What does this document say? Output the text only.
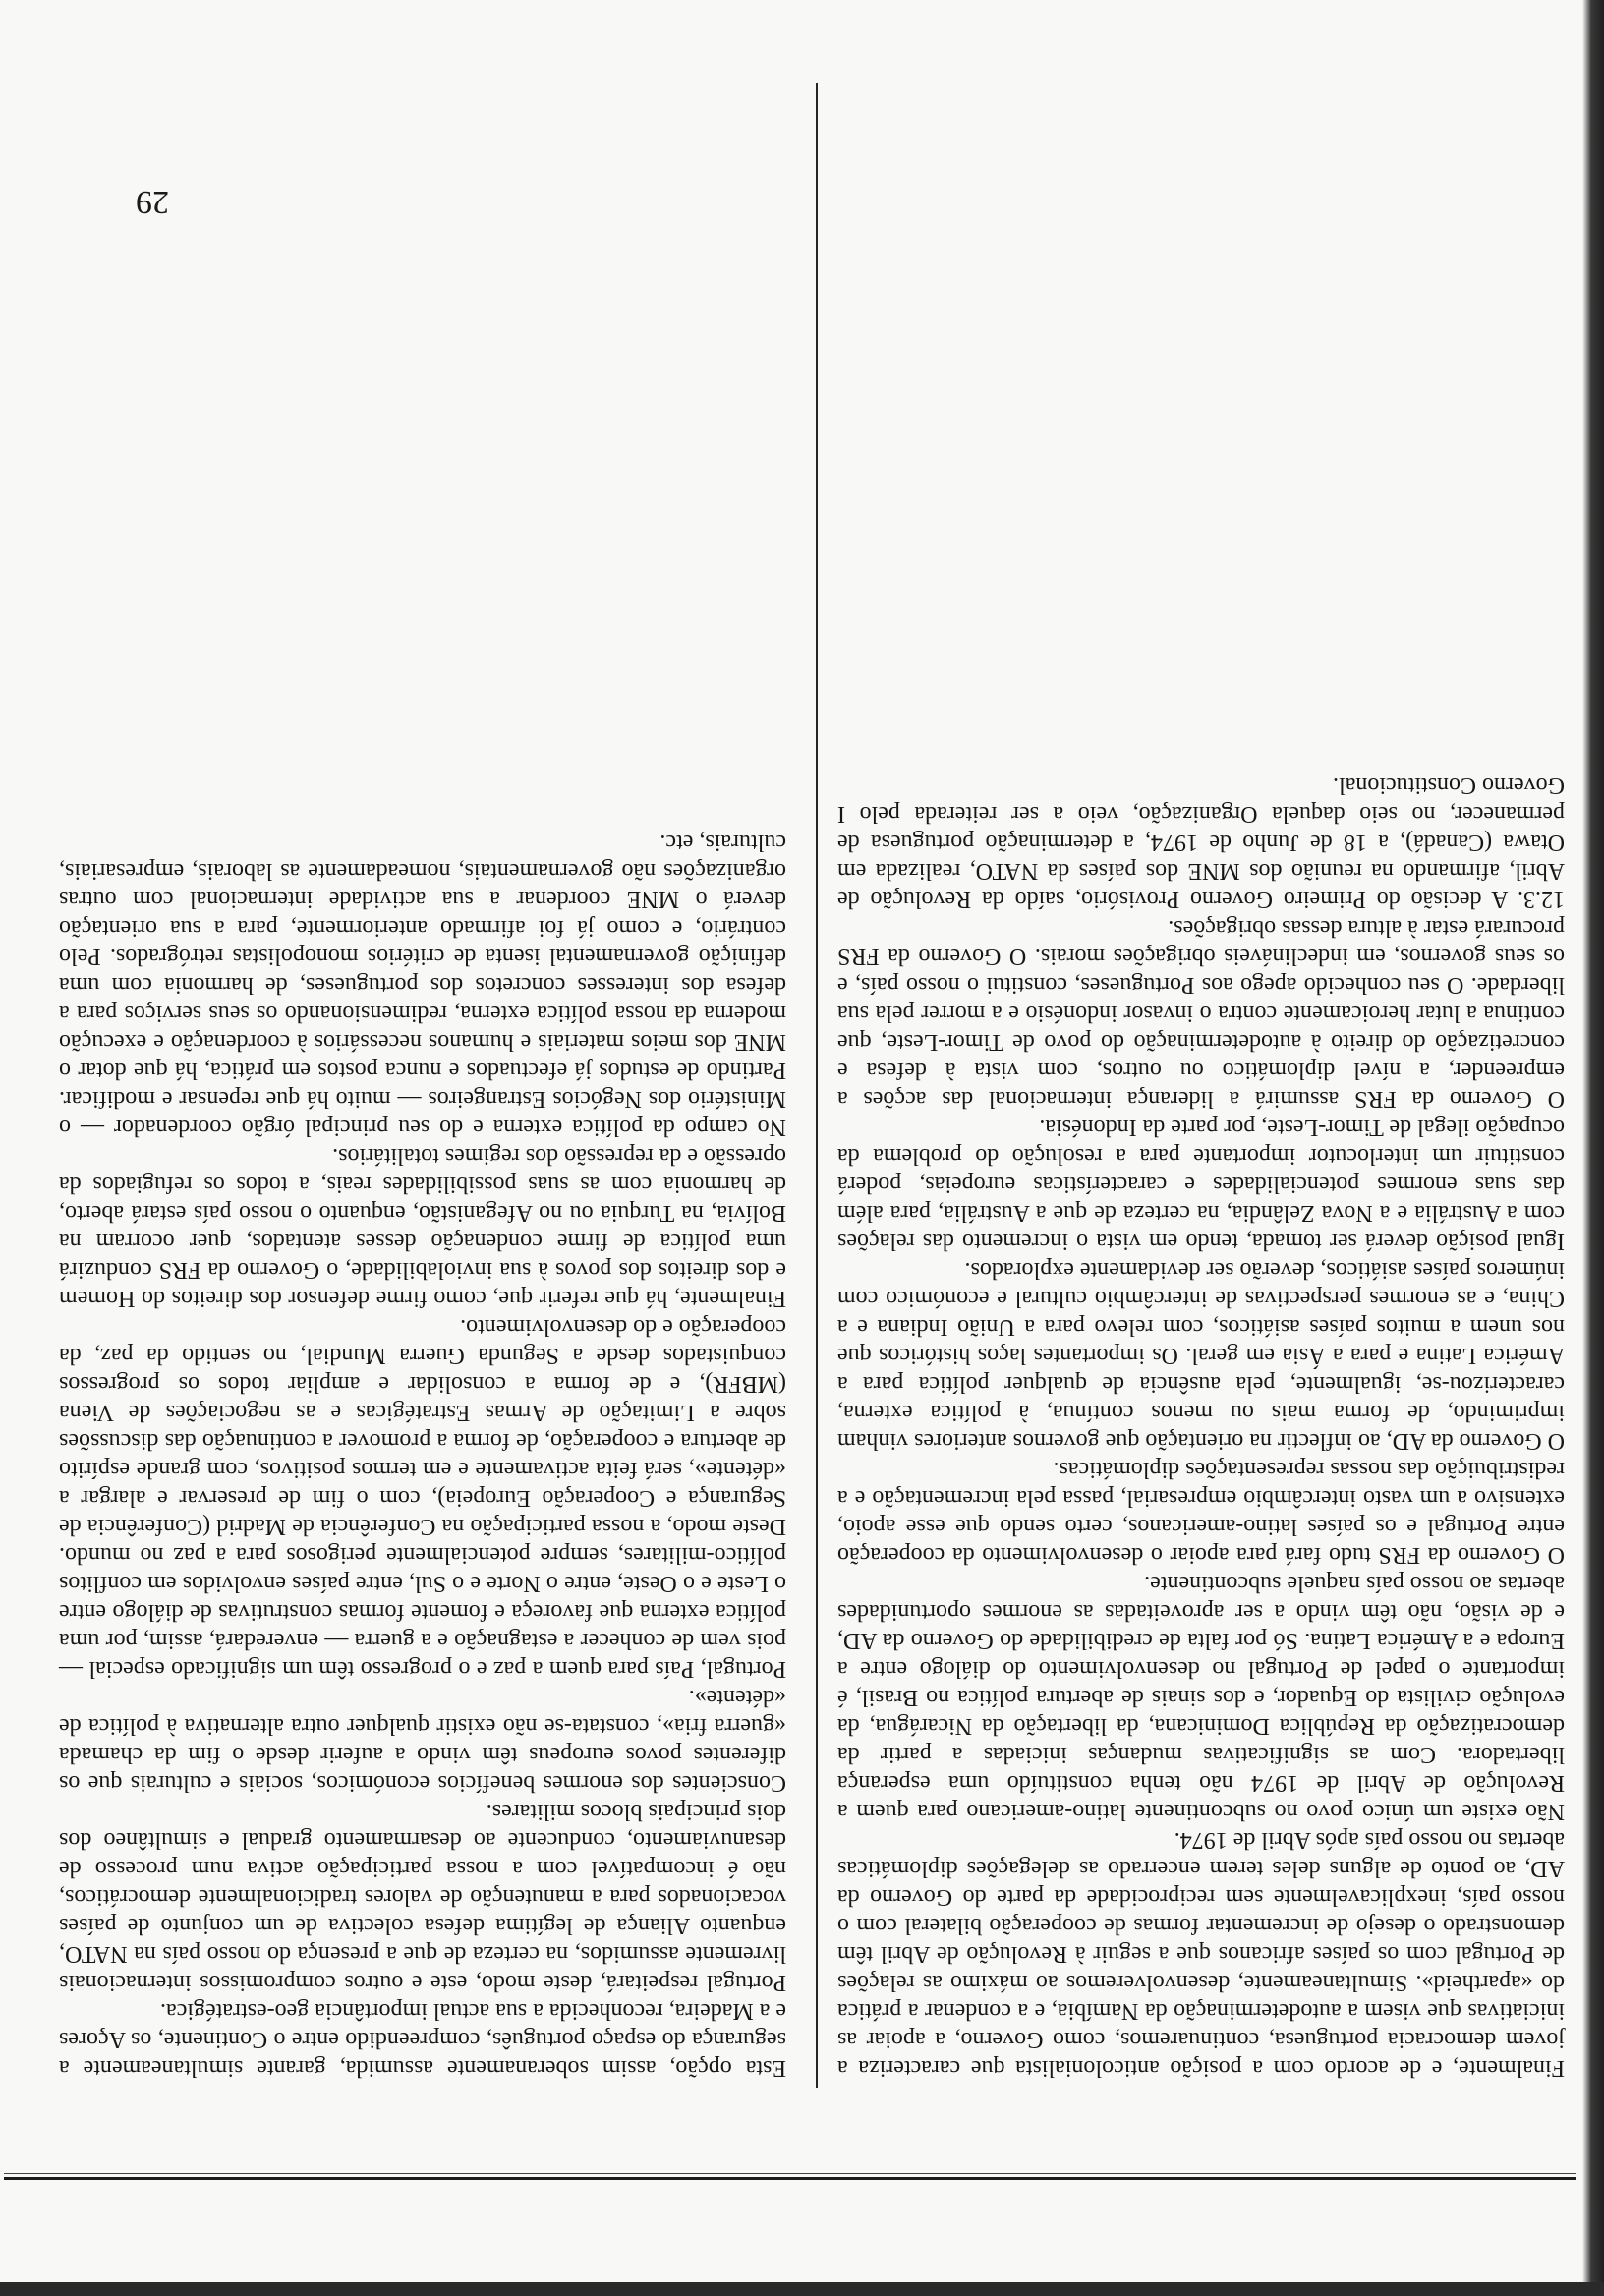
Finalmente, e de acordo com a posição anticolonialista que caracteriza a jovem democracia portuguesa, continuaremos, como Governo, a apoiar as iniciativas que visem a autodeterminação da Namíbia, e a condenar a prática do «apartheid». Simultaneamente, desenvolveremos ao máximo as relações de Portugal com os países africanos que a seguir à Revolução de Abril têm demonstrado o desejo de incrementar formas de cooperação bilateral com o nosso país, inexplicavelmente sem reciprocidade da parte do Governo da AD, ao ponto de alguns deles terem encerrado as delegações diplomáticas abertas no nosso país após Abril de 1974.

Não existe um único povo no subcontinente latino-americano para quem a Revolução de Abril de 1974 não tenha constituído uma esperança libertadora. Com as significativas mudanças iniciadas a partir da democratização da República Dominicana, da libertação da Nicarágua, da evolução civilista do Equador, e dos sinais de abertura política no Brasil, é importante o papel de Portugal no desenvolvimento do diálogo entre a Europa e a América Latina. Só por falta de credibilidade do Governo da AD, e de visão, não têm vindo a ser aproveitadas as enormes oportunidades abertas ao nosso país naquele subcontinente.

O Governo da FRS tudo fará para apoiar o desenvolvimento da cooperação entre Portugal e os países latino-americanos, certo sendo que esse apoio, extensivo a um vasto intercâmbio empresarial, passa pela incrementação e a redistribuição das nossas representações diplomáticas.

O Governo da AD, ao inflectir na orientação que governos anteriores vinham imprimindo, de forma mais ou menos contínua, à política externa, caracterizou-se, igualmente, pela ausência de qualquer política para a América Latina e para a Ásia em geral. Os importantes laços históricos que nos unem a muitos países asiáticos, com relevo para a União Indiana e a China, e as enormes perspectivas de intercâmbio cultural e económico com inúmeros países asiáticos, deverão ser devidamente explorados.

Igual posição deverá ser tomada, tendo em vista o incremento das relações com a Austrália e a Nova Zelândia, na certeza de que a Austrália, para além das suas enormes potencialidades e características europeias, poderá constituir um interlocutor importante para a resolução do problema da ocupação ilegal de Timor-Leste, por parte da Indonésia.

O Governo da FRS assumirá a liderança internacional das acções a empreender, a nível diplomático ou outros, com vista à defesa e concretização do direito à autodeterminação do povo de Timor-Leste, que continua a lutar heroicamente contra o invasor indonésio e a morrer pela sua liberdade. O seu conhecido apego aos Portugueses, constitui o nosso país, e os seus governos, em indeclináveis obrigações morais. O Governo da FRS procurará estar à altura dessas obrigações.

12.3. A decisão do Primeiro Governo Provisório, saído da Revolução de Abril, afirmando na reunião dos MNE dos países da NATO, realizada em Otawa (Canadá), a 18 de Junho de 1974, a determinação portuguesa de permanecer, no seio daquela Organização, veio a ser reiterada pelo I Governo Constitucional.

Esta opção, assim soberanamente assumida, garante simultaneamente a segurança do espaço português, compreendido entre o Continente, os Açores e a Madeira, reconhecida a sua actual importância geo-estratégica.

Portugal respeitará, deste modo, este e outros compromissos internacionais livremente assumidos, na certeza de que a presença do nosso país na NATO, enquanto Aliança de legítima defesa colectiva de um conjunto de países vocacionados para a manutenção de valores tradicionalmente democráticos, não é incompatível com a nossa participação activa num processo de desanuviamento, conducente ao desarmamento gradual e simultâneo dos dois principais blocos militares.

Conscientes dos enormes benefícios económicos, sociais e culturais que os diferentes povos europeus têm vindo a auferir desde o fim da chamada «guerra fria», constata-se não existir qualquer outra alternativa à política de «détente».

Portugal, País para quem a paz e o progresso têm um significado especial — pois vem de conhecer a estagnação e a guerra — enveredará, assim, por uma política externa que favoreça e fomente formas construtivas de diálogo entre o Leste e o Oeste, entre o Norte e o Sul, entre países envolvidos em conflitos político-militares, sempre potencialmente perigosos para a paz no mundo. Deste modo, a nossa participação na Conferência de Madrid (Conferência de Segurança e Cooperação Europeia), com o fim de preservar e alargar a «détente», será feita activamente e em termos positivos, com grande espírito de abertura e cooperação, de forma a promover a continuação das discussões sobre a Limitação de Armas Estratégicas e as negociações de Viena (MBFR), e de forma a consolidar e ampliar todos os progressos conquistados desde a Segunda Guerra Mundial, no sentido da paz, da cooperação e do desenvolvimento.

Finalmente, há que referir que, como firme defensor dos direitos do Homem e dos direitos dos povos à sua inviolabilidade, o Governo da FRS conduzirá uma política de firme condenação desses atentados, quer ocorram na Bolívia, na Turquia ou no Afeganistão, enquanto o nosso país estará aberto, de harmonia com as suas possibilidades reais, a todos os refugiados da opressão e da repressão dos regimes totalitários.

No campo da política externa e do seu principal órgão coordenador — o Ministério dos Negócios Estrangeiros — muito há que repensar e modificar. Partindo de estudos já efectuados e nunca postos em prática, há que dotar o MNE dos meios materiais e humanos necessários à coordenação e execução moderna da nossa política externa, redimensionando os seus serviços para a defesa dos interesses concretos dos portugueses, de harmonia com uma definição governamental isenta de critérios monopolistas retrógrados. Pelo contrário, e como já foi afirmado anteriormente, para a sua orientação deverá o MNE coordenar a sua actividade internacional com outras organizações não governamentais, nomeadamente as laborais, empresariais, culturais, etc.

29
